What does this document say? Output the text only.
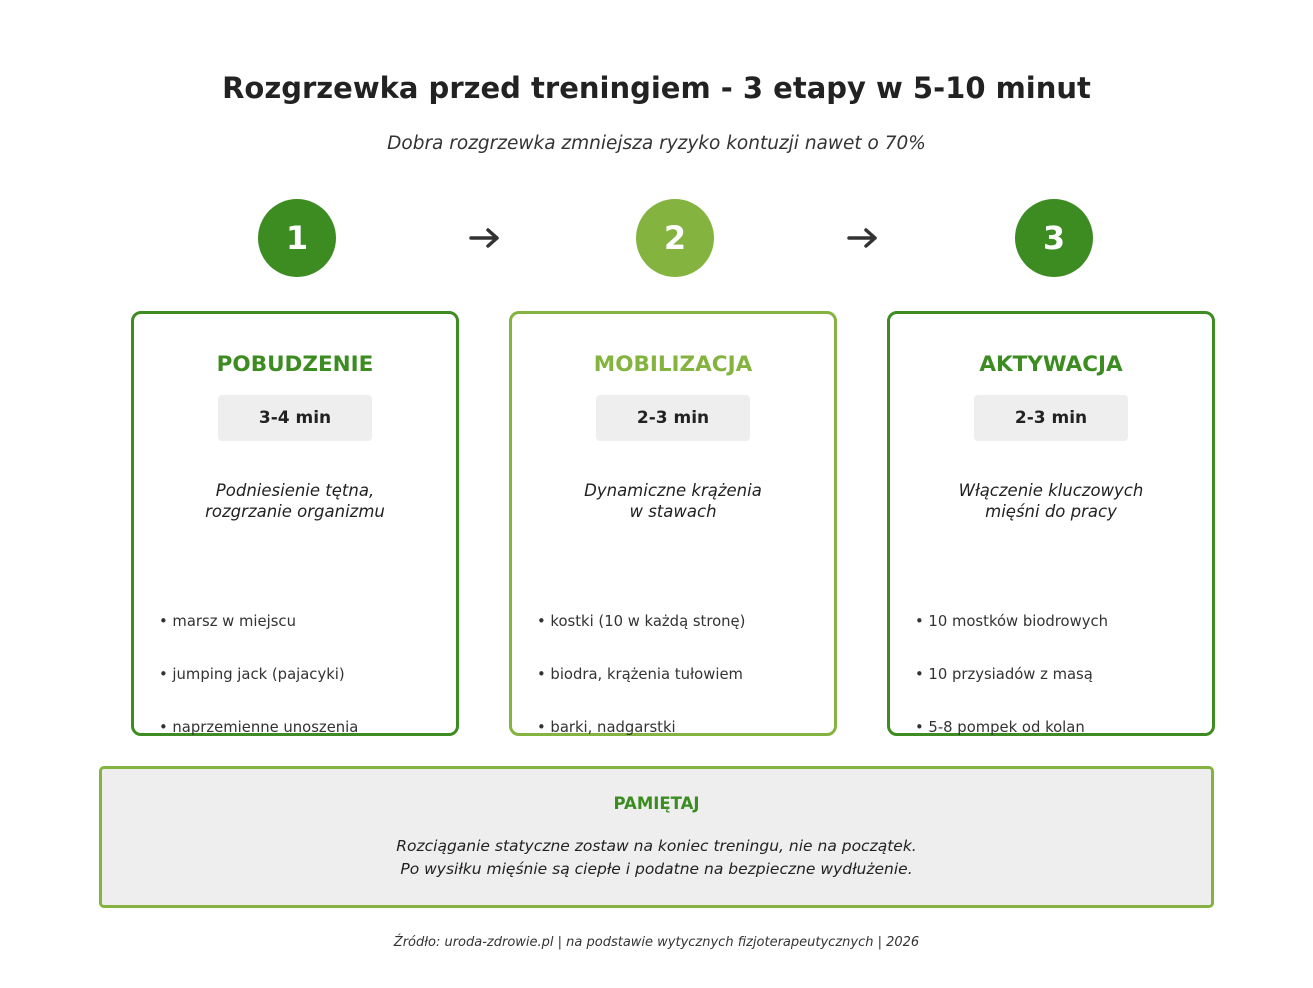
Rozgrzewka przed treningiem - 3 etapy w 5-10 minut
Dobra rozgrzewka zmniejsza ryzyko kontuzji nawet o 70%
1	2	3
POBUDZENIE
3-4 min
Podniesienie tętna,
rozgrzanie organizmu

• marsz w miejscu

• jumping jack (pajacyki)

• naprzemienne unoszenia

MOBILIZACJA
2-3 min
Dynamiczne krążenia
w stawach

• kostki (10 w każdą stronę)

• biodra, krążenia tułowiem

• barki, nadgarstki

AKTYWACJA
2-3 min
Włączenie kluczowych
mięśni do pracy

• 10 mostków biodrowych

• 10 przysiadów z masą

• 5-8 pompek od kolan

PAMIĘTAJ
Rozciąganie statyczne zostaw na koniec treningu, nie na początek.
Po wysiłku mięśnie są ciepłe i podatne na bezpieczne wydłużenie.
Źródło: uroda-zdrowie.pl | na podstawie wytycznych fizjoterapeutycznych | 2026
